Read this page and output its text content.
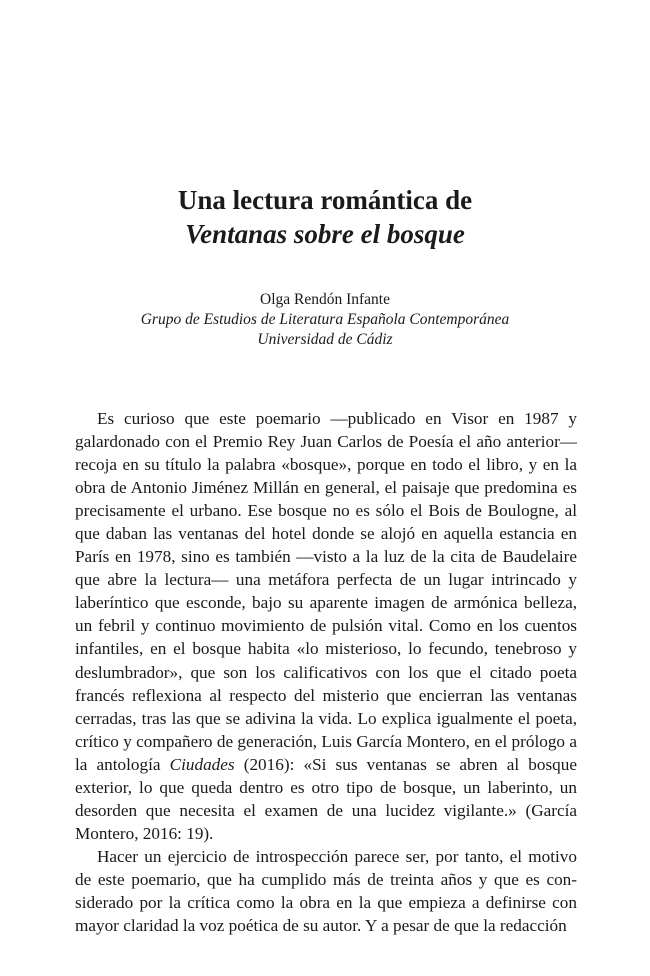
Una lectura romántica de
Ventanas sobre el bosque
Olga Rendón Infante
Grupo de Estudios de Literatura Española Contemporánea
Universidad de Cádiz

Es curioso que este poemario —publicado en Visor en 1987 y galardonado con el Premio Rey Juan Carlos de Poesía el año anterior— recoja en su título la palabra «bosque», porque en todo el libro, y en la obra de Antonio Jiménez Millán en general, el paisaje que predomina es precisamente el urbano. Ese bosque no es sólo el Bois de Boulogne, al que daban las ventanas del hotel donde se alojó en aquella estancia en París en 1978, sino es también —visto a la luz de la cita de Baudelaire que abre la lectura— una metáfora perfecta de un lugar intrincado y laberíntico que esconde, bajo su aparente imagen de armónica belleza, un febril y continuo movimiento de pulsión vital. Como en los cuentos infantiles, en el bosque habita «lo misterioso, lo fecundo, tenebroso y deslumbrador», que son los calificativos con los que el citado poeta francés reflexiona al respecto del misterio que encierran las ventanas cerradas, tras las que se adivina la vida. Lo explica igualmente el poeta, crítico y compañero de generación, Luis García Montero, en el prólogo a la antología Ciudades (2016): «Si sus ventanas se abren al bosque exterior, lo que queda dentro es otro tipo de bosque, un laberinto, un desorden que necesita el examen de una lucidez vigilante.» (García Montero, 2016: 19).

Hacer un ejercicio de introspección parece ser, por tanto, el motivo de este poemario, que ha cumplido más de treinta años y que es considerado por la crítica como la obra en la que empieza a definirse con mayor claridad la voz poética de su autor. Y a pesar de que la redacción
